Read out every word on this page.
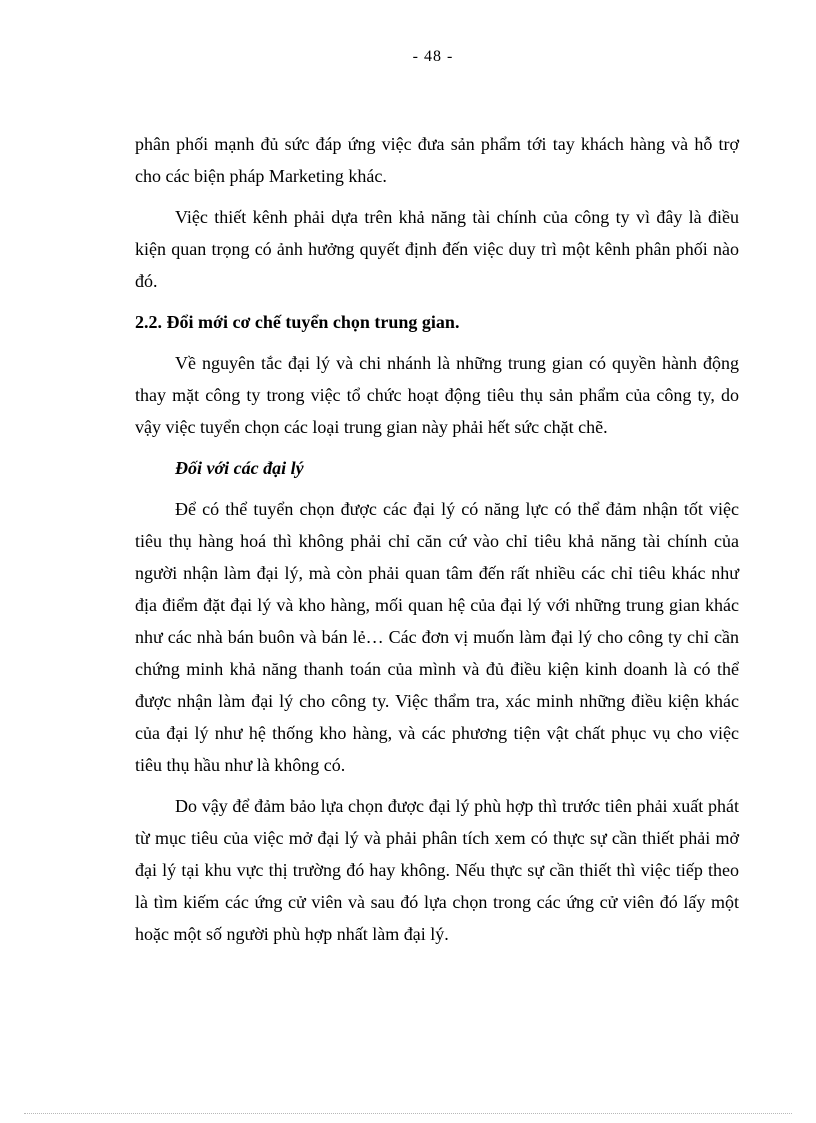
- 48 -

phân phối mạnh đủ sức đáp ứng việc đưa sản phẩm tới tay khách hàng và hỗ trợ cho các biện pháp Marketing khác.

Việc thiết kênh phải dựa trên khả năng tài chính của công ty vì đây là điều kiện quan trọng có ảnh hưởng quyết định đến việc duy trì một kênh phân phối nào đó.

2.2. Đổi mới cơ chế tuyển chọn trung gian.

Về nguyên tắc đại lý và chi nhánh là những trung gian có quyền hành động thay mặt công ty trong việc tổ chức hoạt động tiêu thụ sản phẩm của công ty, do vậy việc tuyển chọn các loại trung gian này phải hết sức chặt chẽ.

Đối với các đại lý

Để có thể tuyển chọn được các đại lý có năng lực có thể đảm nhận tốt việc tiêu thụ hàng hoá thì không phải chỉ căn cứ vào chỉ tiêu khả năng tài chính của người nhận làm đại lý, mà còn phải quan tâm đến rất nhiều các chỉ tiêu khác như địa điểm đặt đại lý và kho hàng, mối quan hệ của đại lý với những trung gian khác như các nhà bán buôn và bán lẻ… Các đơn vị muốn làm đại lý cho công ty chỉ cần chứng minh khả năng thanh toán của mình và đủ điều kiện kinh doanh là có thể được nhận làm đại lý cho công ty. Việc thẩm tra, xác minh những điều kiện khác của đại lý như hệ thống kho hàng, và các phương tiện vật chất phục vụ cho việc tiêu thụ hầu như là không có.

Do vậy để đảm bảo lựa chọn được đại lý phù hợp thì trước tiên phải xuất phát từ mục tiêu của việc mở đại lý và phải phân tích xem có thực sự cần thiết phải mở đại lý tại khu vực thị trường đó hay không. Nếu thực sự cần thiết thì việc tiếp theo là tìm kiếm các ứng cử viên và sau đó lựa chọn trong các ứng cử viên đó lấy một hoặc một số người phù hợp nhất làm đại lý.
